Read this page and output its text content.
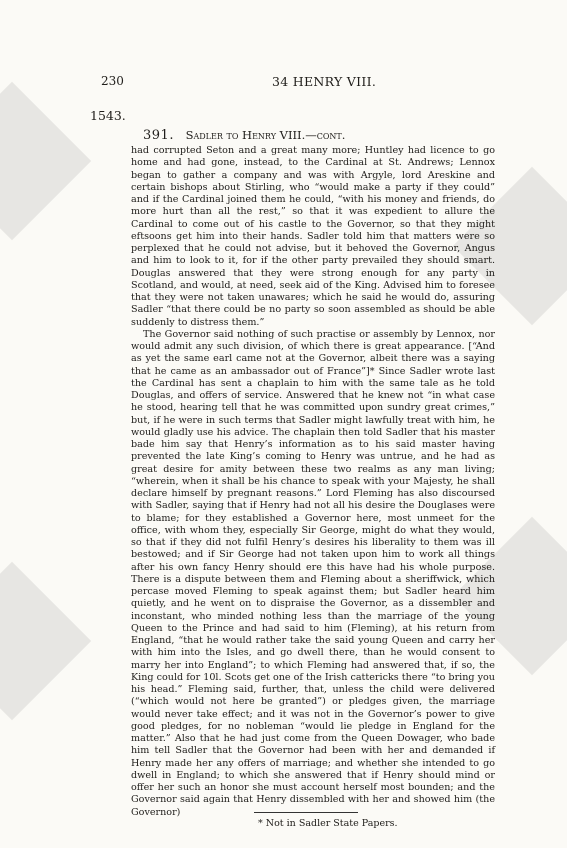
230	34 HENRY VIII.
1543.
391. Sadler to Henry VIII.—cont.

had corrupted Seton and a great many more; Huntley had licence to go home and had gone, instead, to the Cardinal at St. Andrews; Lennox began to gather a company and was with Argyle, lord Areskine and certain bishops about Stirling, who “would make a party if they could” and if the Cardinal joined them he could, “with his money and friends, do more hurt than all the rest,” so that it was expedient to allure the Cardinal to come out of his castle to the Governor, so that they might eftsoons get him into their hands. Sadler told him that matters were so perplexed that he could not advise, but it behoved the Governor, Angus and him to look to it, for if the other party prevailed they should smart. Douglas answered that they were strong enough for any party in Scotland, and would, at need, seek aid of the King. Advised him to foresee that they were not taken unawares; which he said he would do, assuring Sadler “that there could be no party so soon assembled as should be able suddenly to distress them.”

The Governor said nothing of such practise or assembly by Lennox, nor would admit any such division, of which there is great appearance. [“And as yet the same earl came not at the Governor, albeit there was a saying that he came as an ambassador out of France”]* Since Sadler wrote last the Cardinal has sent a chaplain to him with the same tale as he told Douglas, and offers of service. Answered that he knew not “in what case he stood, hearing tell that he was committed upon sundry great crimes,” but, if he were in such terms that Sadler might lawfully treat with him, he would gladly use his advice. The chaplain then told Sadler that his master bade him say that Henry’s information as to his said master having prevented the late King’s coming to Henry was untrue, and he had as great desire for amity between these two realms as any man living; “wherein, when it shall be his chance to speak with your Majesty, he shall declare himself by pregnant reasons.” Lord Fleming has also discoursed with Sadler, saying that if Henry had not all his desire the Douglases were to blame; for they established a Governor here, most unmeet for the office, with whom they, especially Sir George, might do what they would, so that if they did not fulfil Henry’s desires his liberality to them was ill bestowed; and if Sir George had not taken upon him to work all things after his own fancy Henry should ere this have had his whole purpose. There is a dispute between them and Fleming about a sheriffwick, which percase moved Fleming to speak against them; but Sadler heard him quietly, and he went on to dispraise the Governor, as a dissembler and inconstant, who minded nothing less than the marriage of the young Queen to the Prince and had said to him (Fleming), at his return from England, “that he would rather take the said young Queen and carry her with him into the Isles, and go dwell there, than he would consent to marry her into England”; to which Fleming had answered that, if so, the King could for 10l. Scots get one of the Irish cattericks there “to bring you his head.” Fleming said, further, that, unless the child were delivered (“which would not here be granted”) or pledges given, the marriage would never take effect; and it was not in the Governor’s power to give good pledges, for no nobleman “would lie pledge in England for the matter.” Also that he had just come from the Queen Dowager, who bade him tell Sadler that the Governor had been with her and demanded if Henry made her any offers of marriage; and whether she intended to go dwell in England; to which she answered that if Henry should mind or offer her such an honor she must account herself most bounden; and the Governor said again that Henry dissembled with her and showed him (the Governor)

* Not in Sadler State Papers.
